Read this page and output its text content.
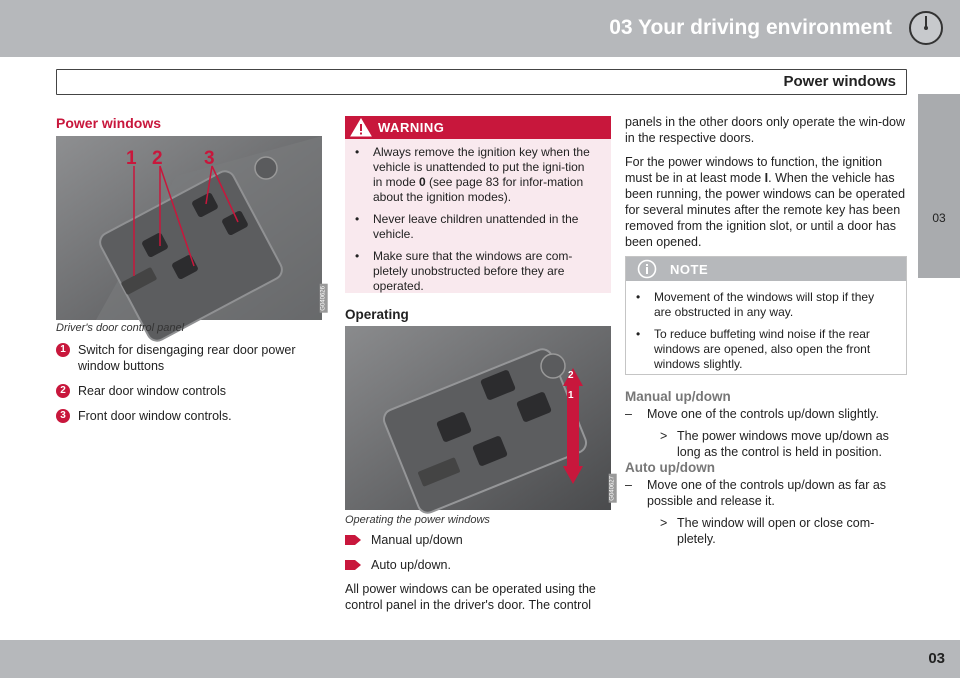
03 Your driving environment
Power windows
03
Power windows
1 2 3
G040626
Driver's door control panel
1 Switch for disengaging rear door power window buttons
2 Rear door window controls
3 Front door window controls.
WARNING
• Always remove the ignition key when the vehicle is unattended to put the igni-tion in mode 0 (see page 83 for infor-mation about the ignition modes).
• Never leave children unattended in the vehicle.
• Make sure that the windows are com-pletely unobstructed before they are operated.
Operating
G040627
1
2
Operating the power windows
Manual up/down
Auto up/down.

All power windows can be operated using the control panel in the driver's door. The control

panels in the other doors only operate the win-dow in the respective doors.

For the power windows to function, the ignition must be in at least mode I. When the vehicle has been running, the power windows can be operated for several minutes after the remote key has been removed from the ignition slot, or until a door has been opened.

NOTE
• Movement of the windows will stop if they are obstructed in any way.
• To reduce buffeting wind noise if the rear windows are opened, also open the front windows slightly.
Manual up/down

– Move one of the controls up/down slightly.

> The power windows move up/down as long as the control is held in position.

Auto up/down

– Move one of the controls up/down as far as possible and release it.

> The window will open or close com-pletely.

03
